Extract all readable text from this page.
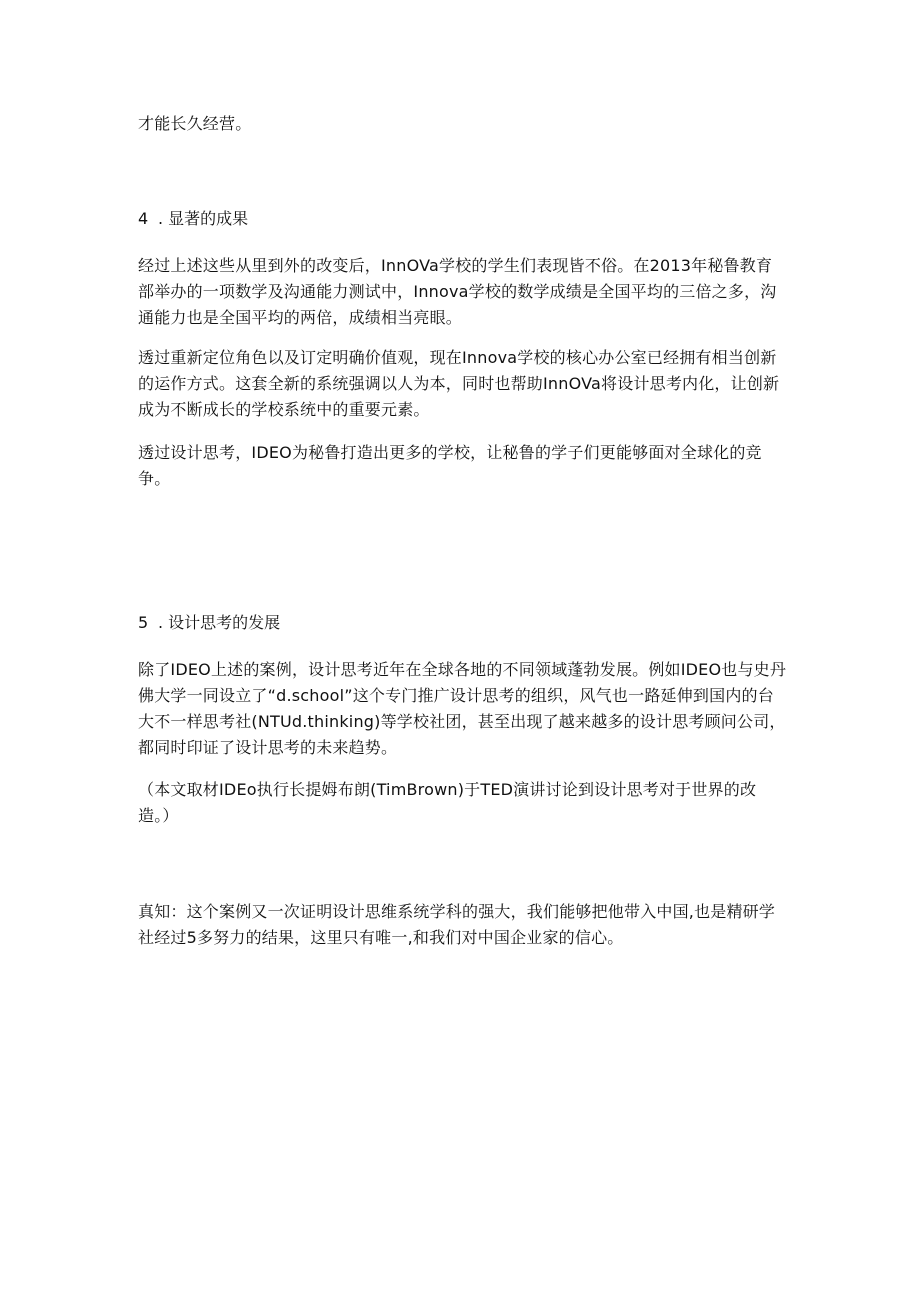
才能长久经营。

4 . 显著的成果

经过上述这些从里到外的改变后，InnOVa学校的学生们表现皆不俗。在2013年秘鲁教育部举办的一项数学及沟通能力测试中，Innova学校的数学成绩是全国平均的三倍之多，沟通能力也是全国平均的两倍，成绩相当亮眼。

透过重新定位角色以及订定明确价值观，现在Innova学校的核心办公室已经拥有相当创新的运作方式。这套全新的系统强调以人为本，同时也帮助InnOVa将设计思考内化，让创新成为不断成长的学校系统中的重要元素。

透过设计思考，IDEO为秘鲁打造出更多的学校，让秘鲁的学子们更能够面对全球化的竞争。

5 . 设计思考的发展

除了IDEO上述的案例，设计思考近年在全球各地的不同领域蓬勃发展。例如IDEO也与史丹佛大学一同设立了“d.school”这个专门推广设计思考的组织，风气也一路延伸到国内的台大不一样思考社(NTUd.thinking)等学校社团，甚至出现了越来越多的设计思考顾问公司，都同时印证了设计思考的未来趋势。

（本文取材IDEo执行长提姆布朗(TimBrown)于TED演讲讨论到设计思考对于世界的改造。）

真知：这个案例又一次证明设计思维系统学科的强大，我们能够把他带入中国,也是精研学社经过5多努力的结果，这里只有唯一,和我们对中国企业家的信心。
